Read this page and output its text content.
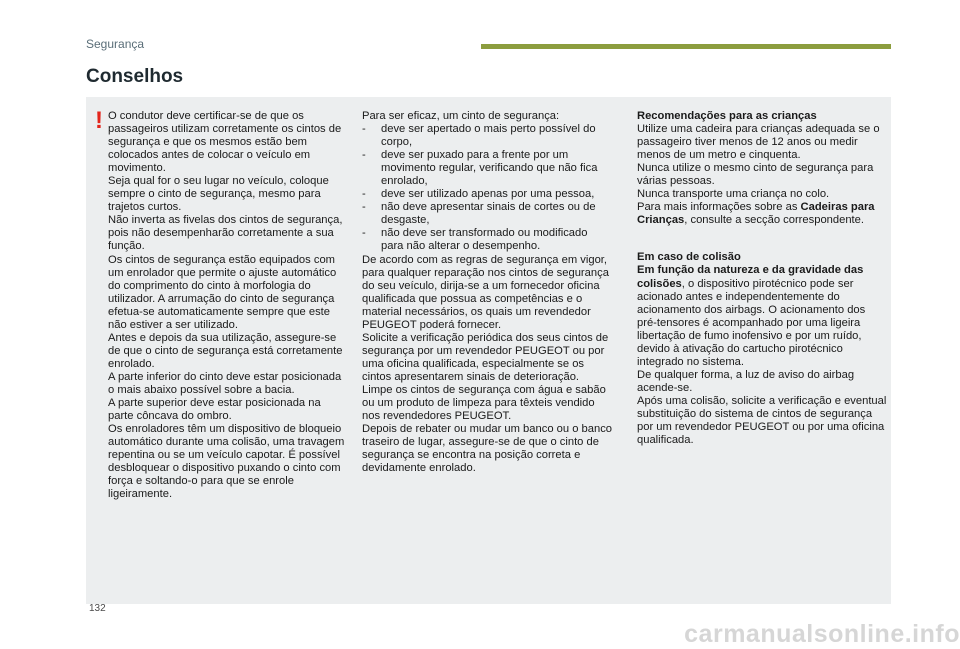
Segurança
Conselhos
! O condutor deve certificar-se de que os passageiros utilizam corretamente os cintos de segurança e que os mesmos estão bem colocados antes de colocar o veículo em movimento.

Seja qual for o seu lugar no veículo, coloque sempre o cinto de segurança, mesmo para trajetos curtos.

Não inverta as fivelas dos cintos de segurança, pois não desempenharão corretamente a sua função.

Os cintos de segurança estão equipados com um enrolador que permite o ajuste automático do comprimento do cinto à morfologia do utilizador. A arrumação do cinto de segurança efetua-se automaticamente sempre que este não estiver a ser utilizado.

Antes e depois da sua utilização, assegure-se de que o cinto de segurança está corretamente enrolado.

A parte inferior do cinto deve estar posicionada o mais abaixo possível sobre a bacia.

A parte superior deve estar posicionada na parte côncava do ombro.

Os enroladores têm um dispositivo de bloqueio automático durante uma colisão, uma travagem repentina ou se um veículo capotar. É possível desbloquear o dispositivo puxando o cinto com força e soltando-o para que se enrole ligeiramente.

Para ser eficaz, um cinto de segurança:

-	deve ser apertado o mais perto possível do corpo,
-	deve ser puxado para a frente por um movimento regular, verificando que não fica enrolado,
-	deve ser utilizado apenas por uma pessoa,
-	não deve apresentar sinais de cortes ou de desgaste,
-	não deve ser transformado ou modificado para não alterar o desempenho.

De acordo com as regras de segurança em vigor, para qualquer reparação nos cintos de segurança do seu veículo, dirija-se a um fornecedor oficina qualificada que possua as competências e o material necessários, os quais um revendedor PEUGEOT poderá fornecer.

Solicite a verificação periódica dos seus cintos de segurança por um revendedor PEUGEOT ou por uma oficina qualificada, especialmente se os cintos apresentarem sinais de deterioração.

Limpe os cintos de segurança com água e sabão ou um produto de limpeza para têxteis vendido nos revendedores PEUGEOT.

Depois de rebater ou mudar um banco ou o banco traseiro de lugar, assegure-se de que o cinto de segurança se encontra na posição correta e devidamente enrolado.

Recomendações para as crianças

Utilize uma cadeira para crianças adequada se o passageiro tiver menos de 12 anos ou medir menos de um metro e cinquenta.

Nunca utilize o mesmo cinto de segurança para várias pessoas.

Nunca transporte uma criança no colo.

Para mais informações sobre as Cadeiras para Crianças, consulte a secção correspondente.

Em caso de colisão

Em função da natureza e da gravidade das colisões, o dispositivo pirotécnico pode ser acionado antes e independentemente do acionamento dos airbags. O acionamento dos pré-tensores é acompanhado por uma ligeira libertação de fumo inofensivo e por um ruído, devido à ativação do cartucho pirotécnico integrado no sistema.

De qualquer forma, a luz de aviso do airbag acende-se.

Após uma colisão, solicite a verificação e eventual substituição do sistema de cintos de segurança por um revendedor PEUGEOT ou por uma oficina qualificada.

132
carmanualsonline.info
